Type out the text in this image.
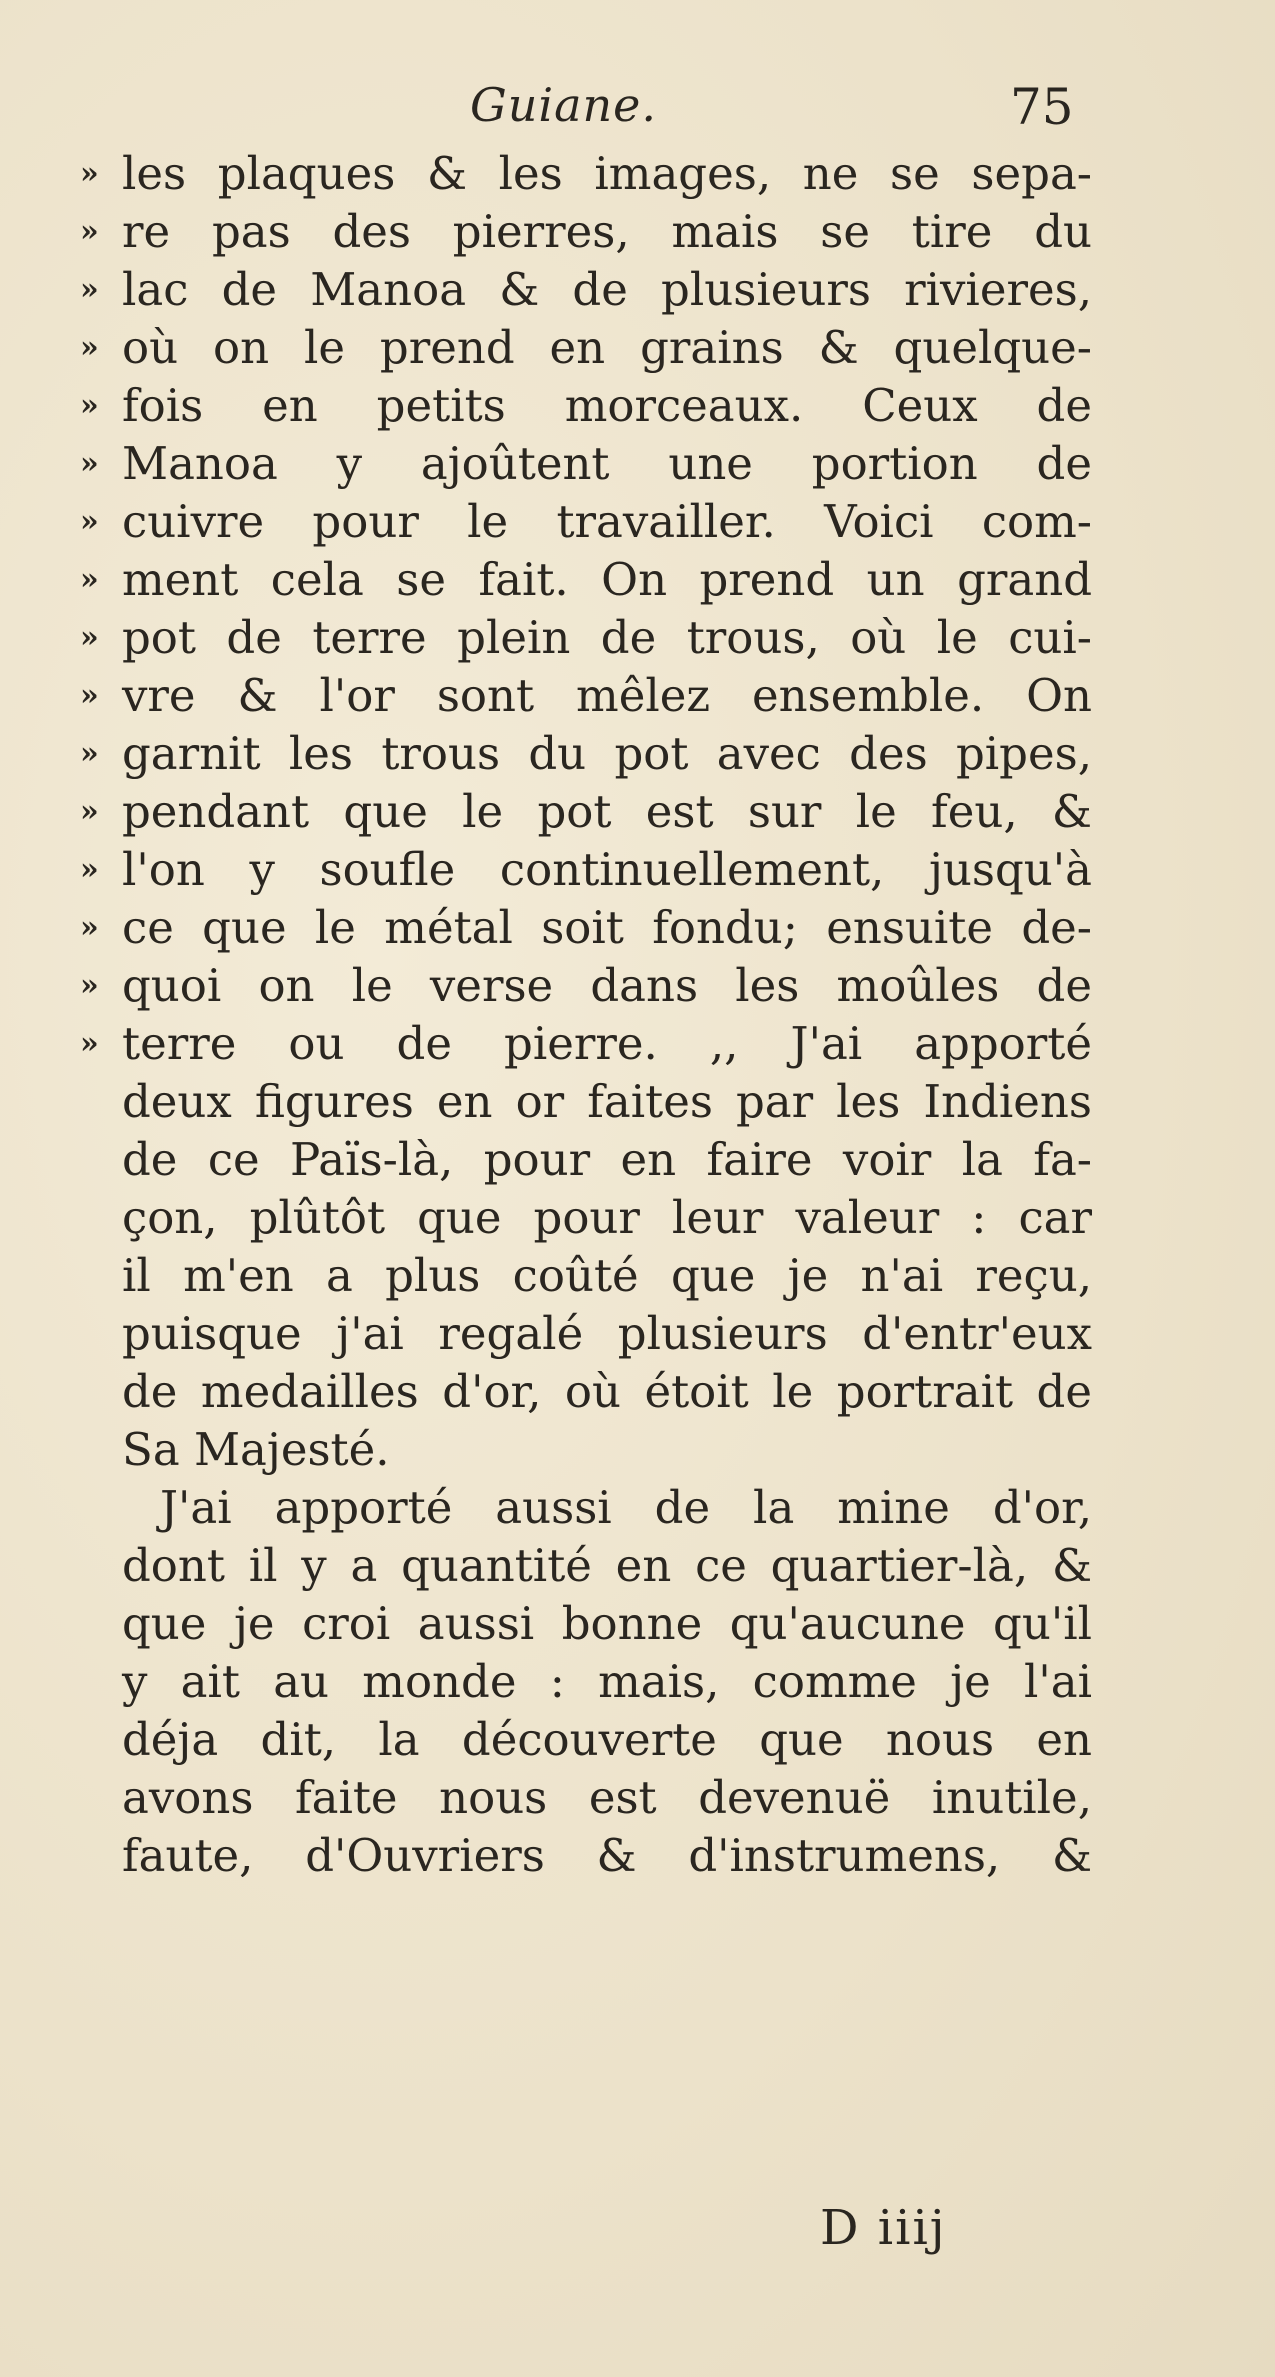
Guiane.	75
» les plaques & les images, ne se sepa-
» re pas des pierres, mais se tire du
» lac de Manoa & de plusieurs rivieres,
» où on le prend en grains & quelque-
» fois en petits morceaux. Ceux de
» Manoa y ajoûtent une portion de
» cuivre pour le travailler. Voici com-
» ment cela se fait. On prend un grand
» pot de terre plein de trous, où le cui-
» vre & l'or sont mêlez ensemble. On
» garnit les trous du pot avec des pipes,
» pendant que le pot est sur le feu, &
» l'on y soufle continuellement, jusqu'à
» ce que le métal soit fondu; ensuite de-
» quoi on le verse dans les moûles de
» terre ou de pierre. ,, J'ai apporté
deux figures en or faites par les Indiens
de ce Païs-là, pour en faire voir la fa-
çon, plûtôt que pour leur valeur : car
il m'en a plus coûté que je n'ai reçu,
puisque j'ai regalé plusieurs d'entr'eux
de medailles d'or, où étoit le portrait de
Sa Majesté.
J'ai apporté aussi de la mine d'or,
dont il y a quantité en ce quartier-là, &
que je croi aussi bonne qu'aucune qu'il
y ait au monde : mais, comme je l'ai
déja dit, la découverte que nous en
avons faite nous est devenuë inutile,
faute, d'Ouvriers & d'instrumens, &
D iiij
